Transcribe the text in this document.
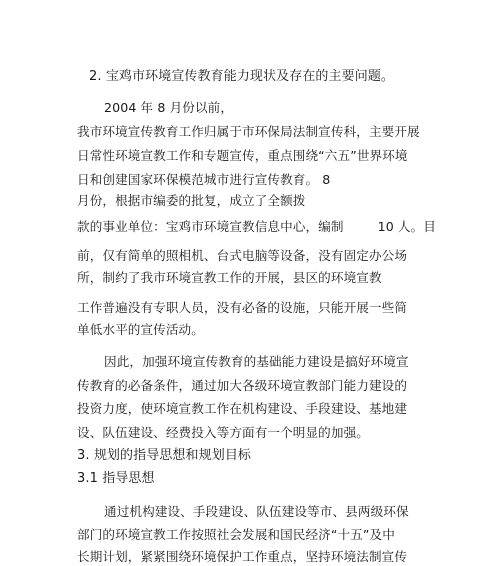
2. 宝鸡市环境宣传教育能力现状及存在的主要问题。
2004 年 8 月份以前，
我市环境宣传教育工作归属于市环保局法制宣传科，主要开展
日常性环境宣教工作和专题宣传，重点围绕“六五”世界环境
日和创建国家环保模范城市进行宣传教育。 8
月份，根据市编委的批复，成立了全额拨
款的事业单位：宝鸡市环境宣教信息中心，编制	10 人。目
前，仅有简单的照相机、台式电脑等设备，没有固定办公场
所，制约了我市环境宣教工作的开展，县区的环境宣教
工作普遍没有专职人员，没有必备的设施，只能开展一些简
单低水平的宣传活动。
因此，加强环境宣传教育的基础能力建设是搞好环境宣
传教育的必备条件，通过加大各级环境宣教部门能力建设的
投资力度，使环境宣教工作在机构建设、手段建设、基地建
设、队伍建设、经费投入等方面有一个明显的加强。
3. 规划的指导思想和规划目标
3.1 指导思想
通过机构建设、手段建设、队伍建设等市、县两级环保
部门的环境宣教工作按照社会发展和国民经济“十五”及中
长期计划，紧紧围绕环境保护工作重点，坚持环境法制宣传
